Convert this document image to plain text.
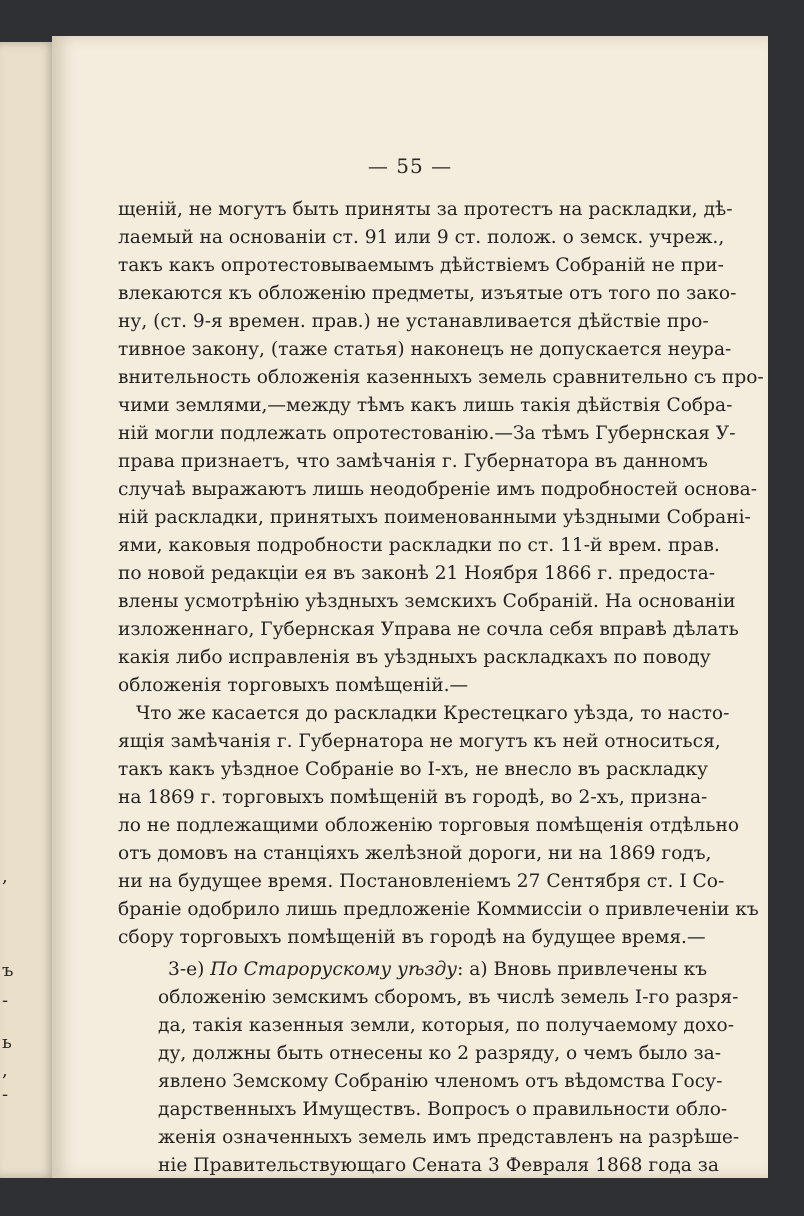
,
ъ
-
ь
,
-
— 55 —
щеній, не могутъ быть приняты за протестъ на раскладки, дѣ-
лаемый на основаніи ст. 91 или 9 ст. полож. о земск. учреж.,
такъ какъ опротестовываемымъ дѣйствіемъ Собраній не при-
влекаются къ обложенію предметы, изъятые отъ того по зако-
ну, (ст. 9-я времен. прав.) не устанавливается дѣйствіе про-
тивное закону, (таже статья) наконецъ не допускается неура-
внительность обложенія казенныхъ земель сравнительно съ про-
чими землями,—между тѣмъ какъ лишь такія дѣйствія Собра-
ній могли подлежать опротестованію.—За тѣмъ Губернская У-
права признаетъ, что замѣчанія г. Губернатора въ данномъ
случаѣ выражаютъ лишь неодобреніе имъ подробностей основа-
ній раскладки, принятыхъ поименованными уѣздными Собрані-
ями, каковыя подробности раскладки по ст. 11-й врем. прав.
по новой редакціи ея въ законѣ 21 Ноября 1866 г. предоста-
влены усмотрѣнію уѣздныхъ земскихъ Собраній. На основаніи
изложеннаго, Губернская Управа не сочла себя вправѣ дѣлать
какія либо исправленія въ уѣздныхъ раскладкахъ по поводу
обложенія торговыхъ помѣщеній.—
Что же касается до раскладки Крестецкаго уѣзда, то насто-
ящія замѣчанія г. Губернатора не могутъ къ ней относиться,
такъ какъ уѣздное Собраніе во I-хъ, не внесло въ раскладку
на 1869 г. торговыхъ помѣщеній въ городѣ, во 2-хъ, призна-
ло не подлежащими обложенію торговыя помѣщенія отдѣльно
отъ домовъ на станціяхъ желѣзной дороги, ни на 1869 годъ,
ни на будущее время. Постановленіемъ 27 Сентября ст. I Со-
браніе одобрило лишь предложеніе Коммиссіи о привлеченіи къ
сбору торговыхъ помѣщеній въ городѣ на будущее время.—
3-е) По Старорускому уѣзду: а) Вновь привлечены къ
обложенію земскимъ сборомъ, въ числѣ земель I-го разря-
да, такія казенныя земли, которыя, по получаемому дохо-
ду, должны быть отнесены ко 2 разряду, о чемъ было за-
явлено Земскому Собранію членомъ отъ вѣдомства Госу-
дарственныхъ Имуществъ. Вопросъ о правильности обло-
женія означенныхъ земель имъ представленъ на разрѣше-
ніе Правительствующаго Сената 3 Февраля 1868 года за
